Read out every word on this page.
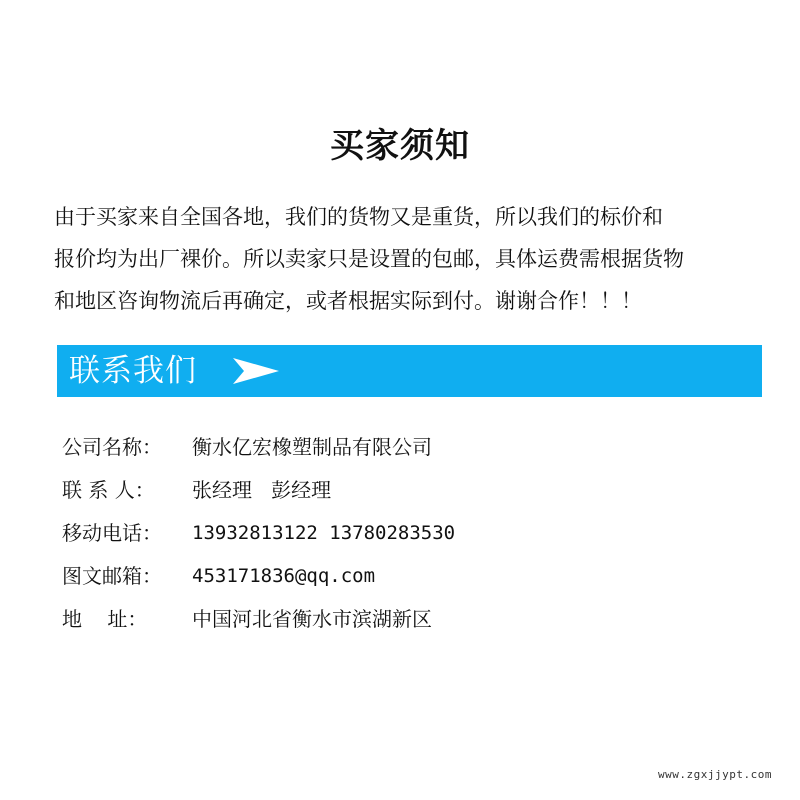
买家须知
由于买家来自全国各地，我们的货物又是重货，所以我们的标价和
报价均为出厂裸价。所以卖家只是设置的包邮，具体运费需根据货物
和地区咨询物流后再确定，或者根据实际到付。谢谢合作！！！
联系我们
公司名称：	衡水亿宏橡塑制品有限公司
联 系 人：	张经理   彭经理
移动电话：	13932813122 13780283530
图文邮箱：	453171836@qq.com
地    址：	中国河北省衡水市滨湖新区
www.zgxjjypt.com
